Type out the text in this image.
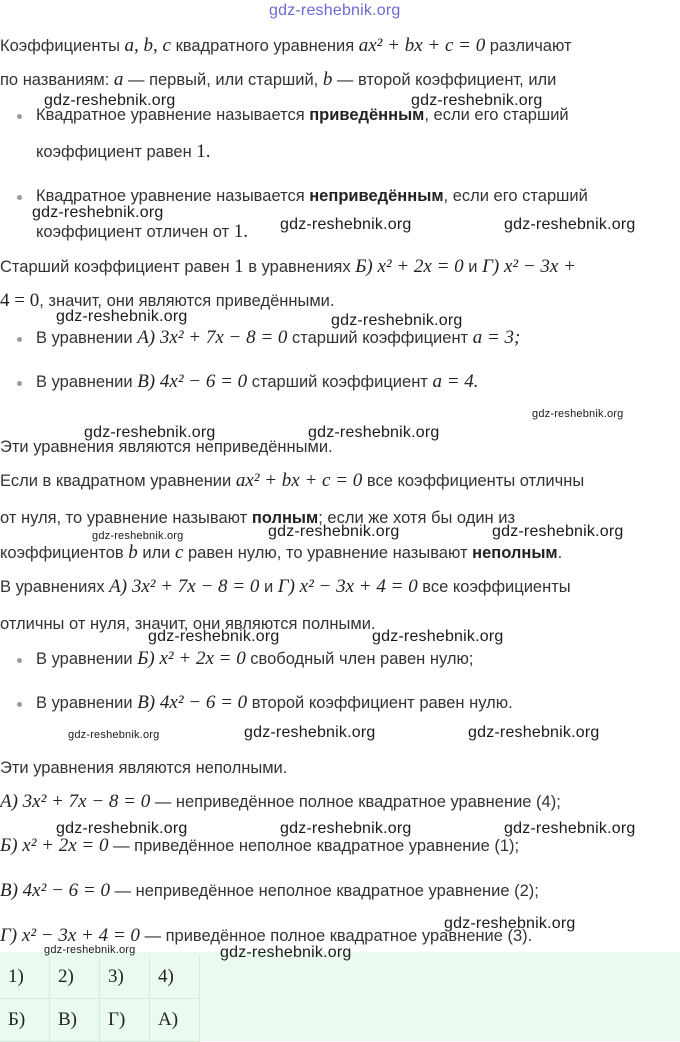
gdz-reshebnik.org
Коэффициенты a, b, c квадратного уравнения ax² + bx + c = 0 различают
по названиям: a — первый, или старший, b — второй коэффициент, или
Квадратное уравнение называется приведённым, если его старший
коэффициент равен 1.
Квадратное уравнение называется неприведённым, если его старший
коэффициент отличен от 1.
Старший коэффициент равен 1 в уравнениях Б) x² + 2x = 0 и Г) x² − 3x +
4 = 0, значит, они являются приведёнными.
В уравнении А) 3x² + 7x − 8 = 0 старший коэффициент a = 3;
В уравнении В) 4x² − 6 = 0 старший коэффициент a = 4.
Эти уравнения являются неприведёнными.
Если в квадратном уравнении ax² + bx + c = 0 все коэффициенты отличны
от нуля, то уравнение называют полным; если же хотя бы один из
коэффициентов b или c равен нулю, то уравнение называют неполным.
В уравнениях А) 3x² + 7x − 8 = 0 и Г) x² − 3x + 4 = 0 все коэффициенты
отличны от нуля, значит, они являются полными.
В уравнении Б) x² + 2x = 0 свободный член равен нулю;
В уравнении В) 4x² − 6 = 0 второй коэффициент равен нулю.
Эти уравнения являются неполными.
А) 3x² + 7x − 8 = 0 — неприведённое полное квадратное уравнение (4);
Б) x² + 2x = 0 — приведённое неполное квадратное уравнение (1);
В) 4x² − 6 = 0 — неприведённое неполное квадратное уравнение (2);
Г) x² − 3x + 4 = 0 — приведённое полное квадратное уравнение (3).
1)	2)	3)	4)
Б)	В)	Г)	А)
gdz-reshebnik.org	gdz-reshebnik.org
gdz-reshebnik.org
gdz-reshebnik.org	gdz-reshebnik.org
gdz-reshebnik.org	gdz-reshebnik.org
gdz-reshebnik.org
gdz-reshebnik.org	gdz-reshebnik.org
gdz-reshebnik.org	gdz-reshebnik.org	gdz-reshebnik.org
gdz-reshebnik.org	gdz-reshebnik.org
gdz-reshebnik.org	gdz-reshebnik.org	gdz-reshebnik.org
gdz-reshebnik.org	gdz-reshebnik.org	gdz-reshebnik.org
gdz-reshebnik.org
gdz-reshebnik.org	gdz-reshebnik.org
